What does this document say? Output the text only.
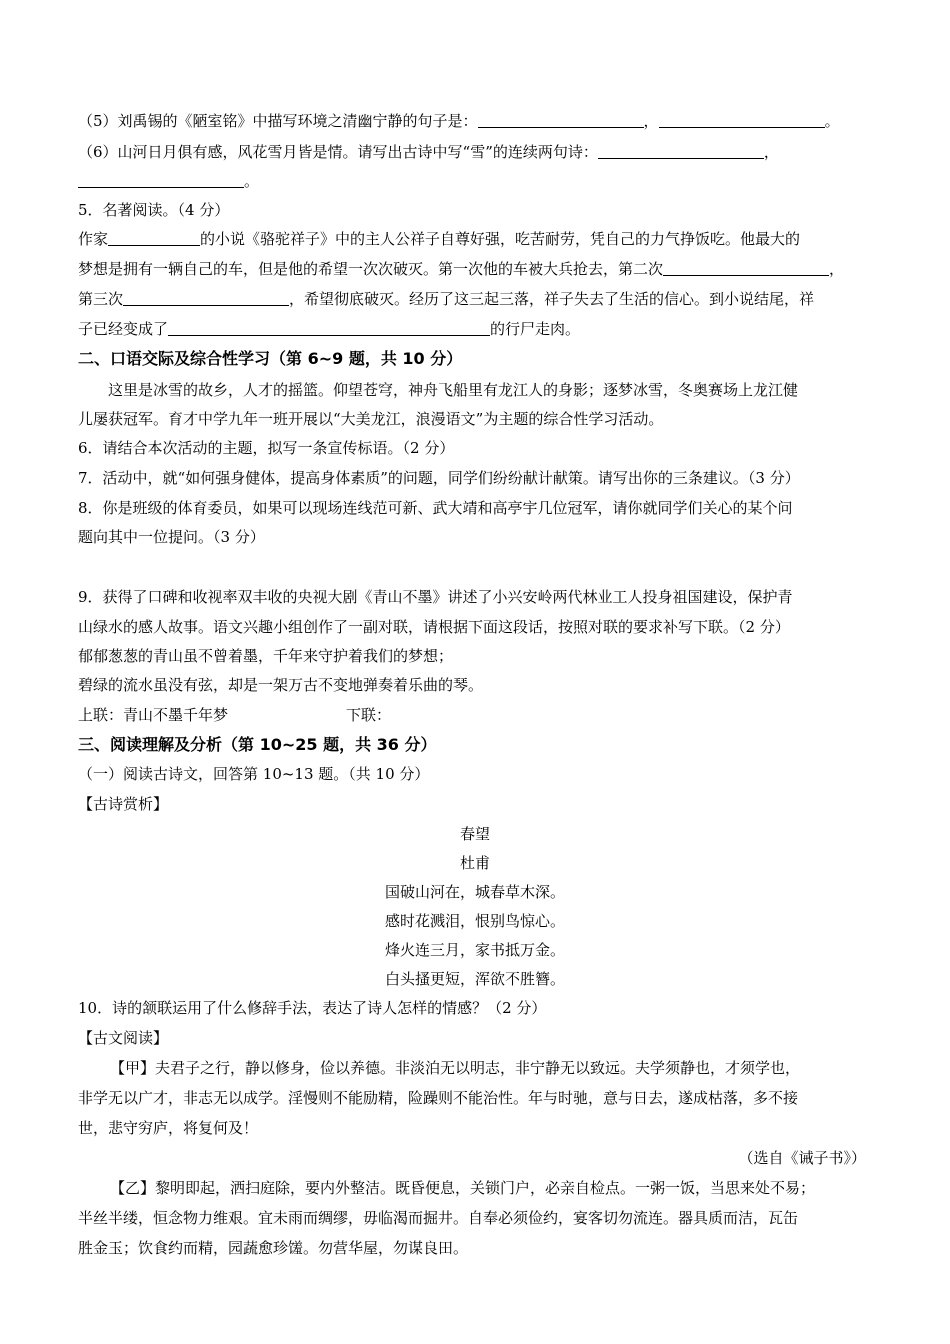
（5）刘禹锡的《陋室铭》中描写环境之清幽宁静的句子是：	，	。
（6）山河日月俱有感，风花雪月皆是情。请写出古诗中写“雪”的连续两句诗：	，
。
5．名著阅读。（4 分）
作家	的小说《骆驼祥子》中的主人公祥子自尊好强，吃苦耐劳，凭自己的力气挣饭吃。他最大的
梦想是拥有一辆自己的车，但是他的希望一次次破灭。第一次他的车被大兵抢去，第二次	，
第三次	，希望彻底破灭。经历了这三起三落，祥子失去了生活的信心。到小说结尾，祥
子已经变成了	的行尸走肉。
二、口语交际及综合性学习（第 6~9 题，共 10 分）
这里是冰雪的故乡，人才的摇篮。仰望苍穹，神舟飞船里有龙江人的身影；逐梦冰雪，冬奥赛场上龙江健
儿屡获冠军。育才中学九年一班开展以“大美龙江，浪漫语文”为主题的综合性学习活动。
6．请结合本次活动的主题，拟写一条宣传标语。（2 分）
7．活动中，就“如何强身健体，提高身体素质”的问题，同学们纷纷献计献策。请写出你的三条建议。（3 分）
8．你是班级的体育委员，如果可以现场连线范可新、武大靖和高亭宇几位冠军，请你就同学们关心的某个问
题向其中一位提问。（3 分）
9．获得了口碑和收视率双丰收的央视大剧《青山不墨》讲述了小兴安岭两代林业工人投身祖国建设，保护青
山绿水的感人故事。语文兴趣小组创作了一副对联，请根据下面这段话，按照对联的要求补写下联。（2 分）
郁郁葱葱的青山虽不曾着墨，千年来守护着我们的梦想；
碧绿的流水虽没有弦，却是一架万古不变地弹奏着乐曲的琴。
上联：青山不墨千年梦	下联：
三、阅读理解及分析（第 10~25 题，共 36 分）
（一）阅读古诗文，回答第 10~13 题。（共 10 分）
【古诗赏析】
春望
杜甫
国破山河在，城春草木深。
感时花溅泪，恨别鸟惊心。
烽火连三月，家书抵万金。
白头搔更短，浑欲不胜簪。
10．诗的颔联运用了什么修辞手法，表达了诗人怎样的情感？（2 分）
【古文阅读】
【甲】夫君子之行，静以修身，俭以养德。非淡泊无以明志，非宁静无以致远。夫学须静也，才须学也，
非学无以广才，非志无以成学。淫慢则不能励精，险躁则不能治性。年与时驰，意与日去，遂成枯落，多不接
世，悲守穷庐，将复何及！
（选自《诫子书》）
【乙】黎明即起，洒扫庭除，要内外整洁。既昏便息，关锁门户，必亲自检点。一粥一饭，当思来处不易；
半丝半缕，恒念物力维艰。宜未雨而绸缪，毋临渴而掘井。自奉必须俭约，宴客切勿流连。器具质而洁，瓦缶
胜金玉；饮食约而精，园蔬愈珍馐。勿营华屋，勿谋良田。
